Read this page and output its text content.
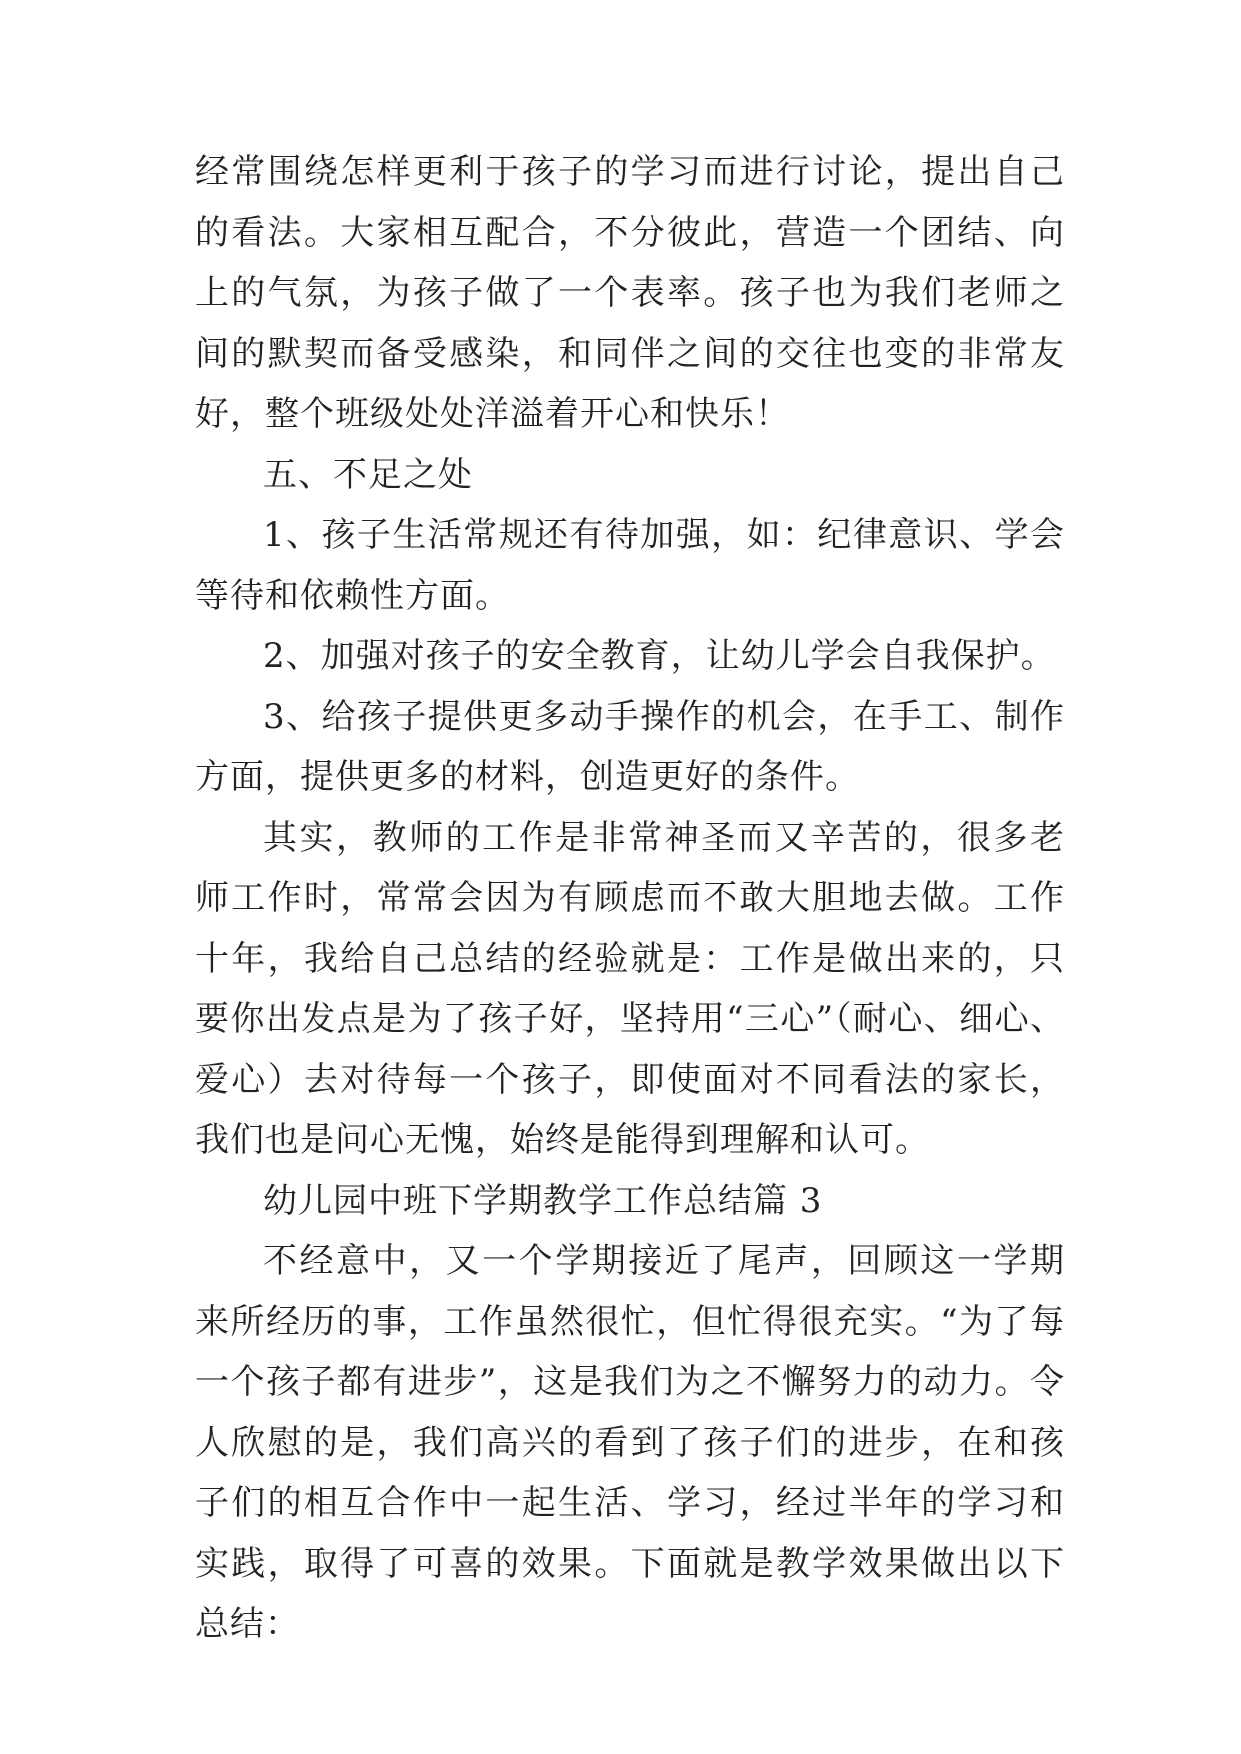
经常围绕怎样更利于孩子的学习而进行讨论，提出自己的看法。大家相互配合，不分彼此，营造一个团结、向上的气氛，为孩子做了一个表率。孩子也为我们老师之间的默契而备受感染，和同伴之间的交往也变的非常友好，整个班级处处洋溢着开心和快乐！

五、不足之处

1、孩子生活常规还有待加强，如：纪律意识、学会等待和依赖性方面。

2、加强对孩子的安全教育，让幼儿学会自我保护。

3、给孩子提供更多动手操作的机会，在手工、制作方面，提供更多的材料，创造更好的条件。

其实，教师的工作是非常神圣而又辛苦的，很多老师工作时，常常会因为有顾虑而不敢大胆地去做。工作十年，我给自己总结的经验就是：工作是做出来的，只要你出发点是为了孩子好，坚持用“三心”（耐心、细心、爱心）去对待每一个孩子，即使面对不同看法的家长，我们也是问心无愧，始终是能得到理解和认可。

幼儿园中班下学期教学工作总结篇 3

不经意中，又一个学期接近了尾声，回顾这一学期来所经历的事，工作虽然很忙，但忙得很充实。“为了每一个孩子都有进步”，这是我们为之不懈努力的动力。令人欣慰的是，我们高兴的看到了孩子们的进步，在和孩子们的相互合作中一起生活、学习，经过半年的学习和实践，取得了可喜的效果。下面就是教学效果做出以下总结：
